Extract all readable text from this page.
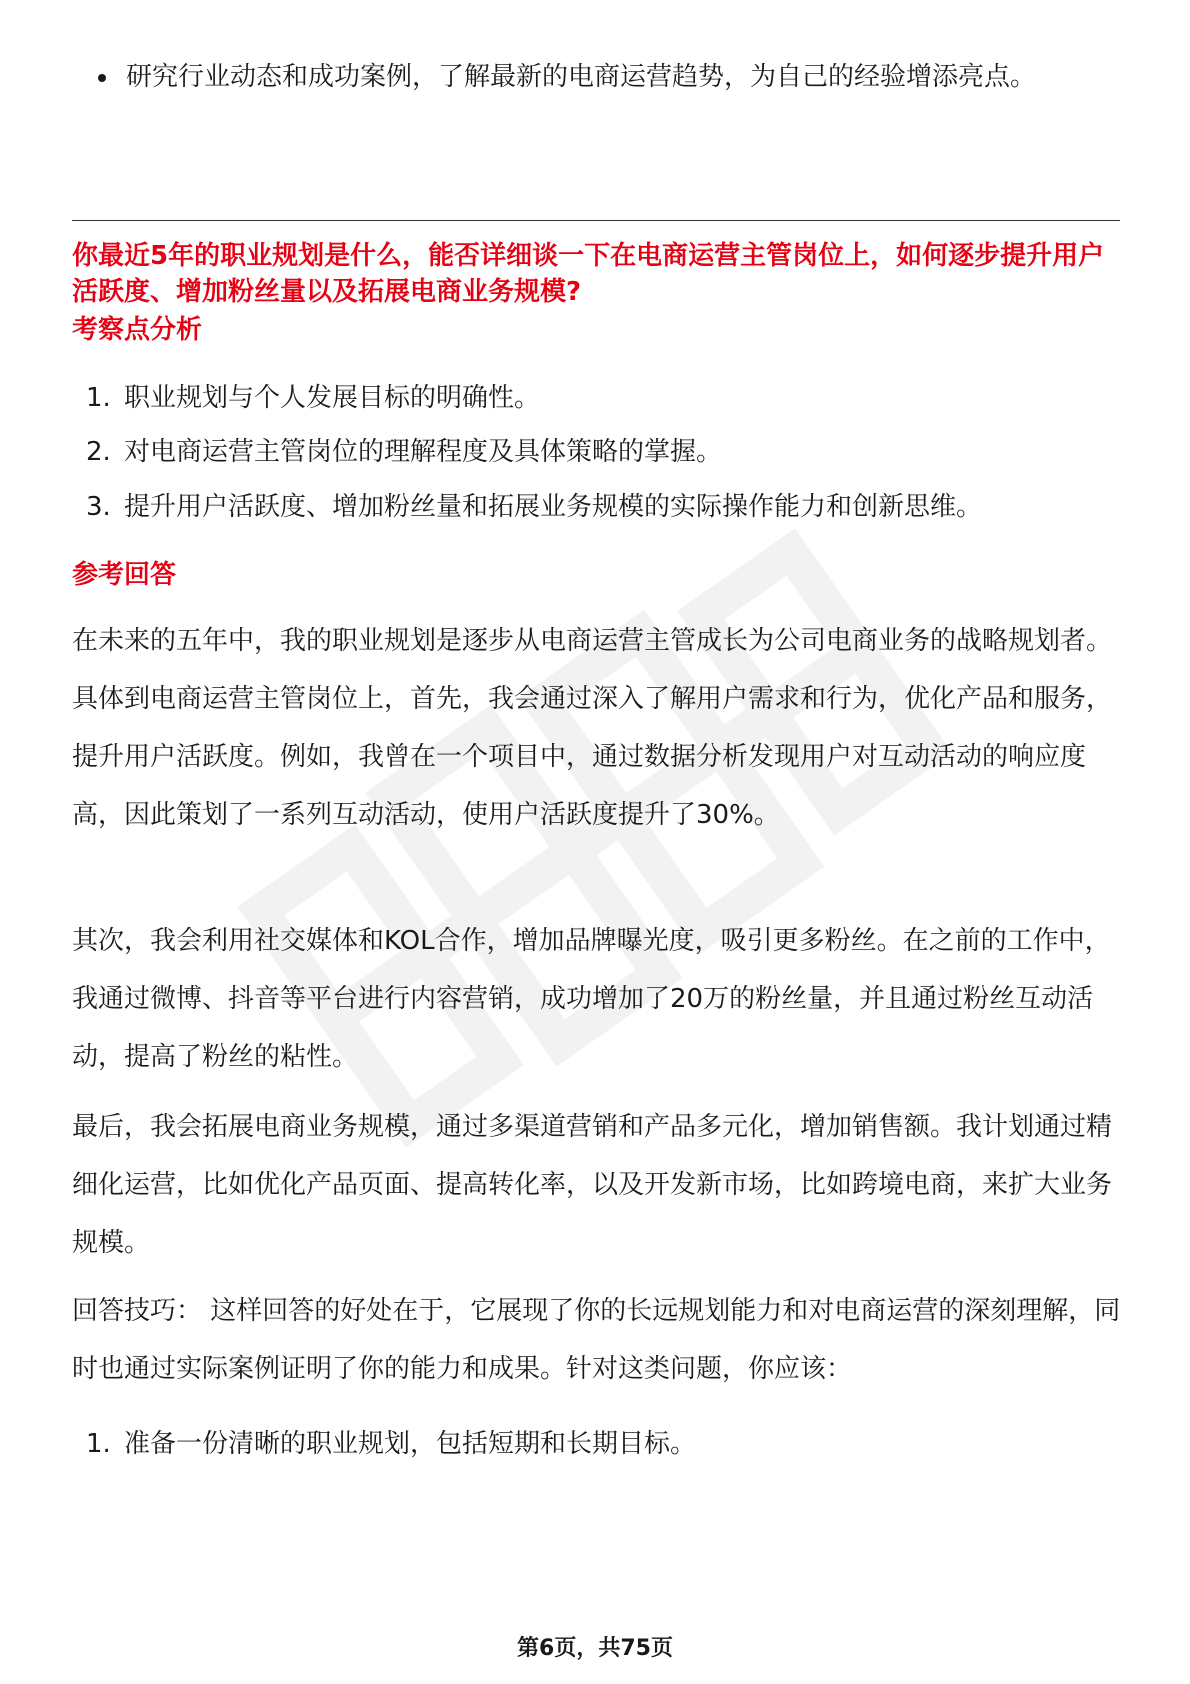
研究行业动态和成功案例，了解最新的电商运营趋势，为自己的经验增添亮点。
你最近5年的职业规划是什么，能否详细谈一下在电商运营主管岗位上，如何逐步提升用户活跃度、增加粉丝量以及拓展电商业务规模?
考察点分析
1. 职业规划与个人发展目标的明确性。
2. 对电商运营主管岗位的理解程度及具体策略的掌握。
3. 提升用户活跃度、增加粉丝量和拓展业务规模的实际操作能力和创新思维。
参考回答
在未来的五年中，我的职业规划是逐步从电商运营主管成长为公司电商业务的战略规划者。具体到电商运营主管岗位上，首先，我会通过深入了解用户需求和行为，优化产品和服务，提升用户活跃度。例如，我曾在一个项目中，通过数据分析发现用户对互动活动的响应度高，因此策划了一系列互动活动，使用户活跃度提升了30%。
其次，我会利用社交媒体和KOL合作，增加品牌曝光度，吸引更多粉丝。在之前的工作中，我通过微博、抖音等平台进行内容营销，成功增加了20万的粉丝量，并且通过粉丝互动活动，提高了粉丝的粘性。
最后，我会拓展电商业务规模，通过多渠道营销和产品多元化，增加销售额。我计划通过精细化运营，比如优化产品页面、提高转化率，以及开发新市场，比如跨境电商，来扩大业务规模。
回答技巧： 这样回答的好处在于，它展现了你的长远规划能力和对电商运营的深刻理解，同时也通过实际案例证明了你的能力和成果。针对这类问题，你应该：
1. 准备一份清晰的职业规划，包括短期和长期目标。
第6页，共75页
